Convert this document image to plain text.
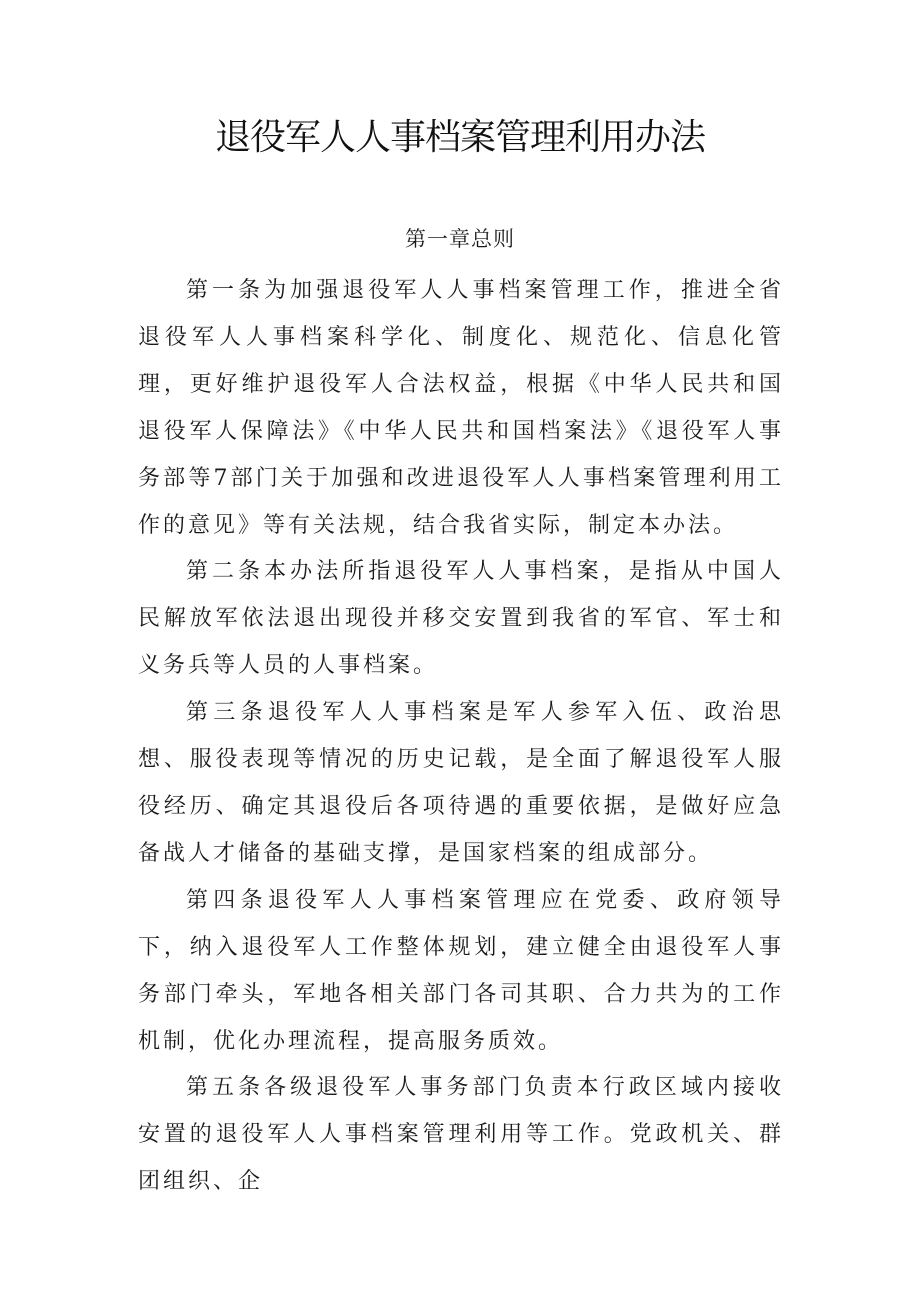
退役军人人事档案管理利用办法
第一章总则

第一条为加强退役军人人事档案管理工作，推进全省退役军人人事档案科学化、制度化、规范化、信息化管理，更好维护退役军人合法权益，根据《中华人民共和国退役军人保障法》《中华人民共和国档案法》《退役军人事务部等7部门关于加强和改进退役军人人事档案管理利用工作的意见》等有关法规，结合我省实际，制定本办法。

第二条本办法所指退役军人人事档案，是指从中国人民解放军依法退出现役并移交安置到我省的军官、军士和义务兵等人员的人事档案。

第三条退役军人人事档案是军人参军入伍、政治思想、服役表现等情况的历史记载，是全面了解退役军人服役经历、确定其退役后各项待遇的重要依据，是做好应急备战人才储备的基础支撑，是国家档案的组成部分。

第四条退役军人人事档案管理应在党委、政府领导下，纳入退役军人工作整体规划，建立健全由退役军人事务部门牵头，军地各相关部门各司其职、合力共为的工作机制，优化办理流程，提高服务质效。

第五条各级退役军人事务部门负责本行政区域内接收安置的退役军人人事档案管理利用等工作。党政机关、群团组织、企
